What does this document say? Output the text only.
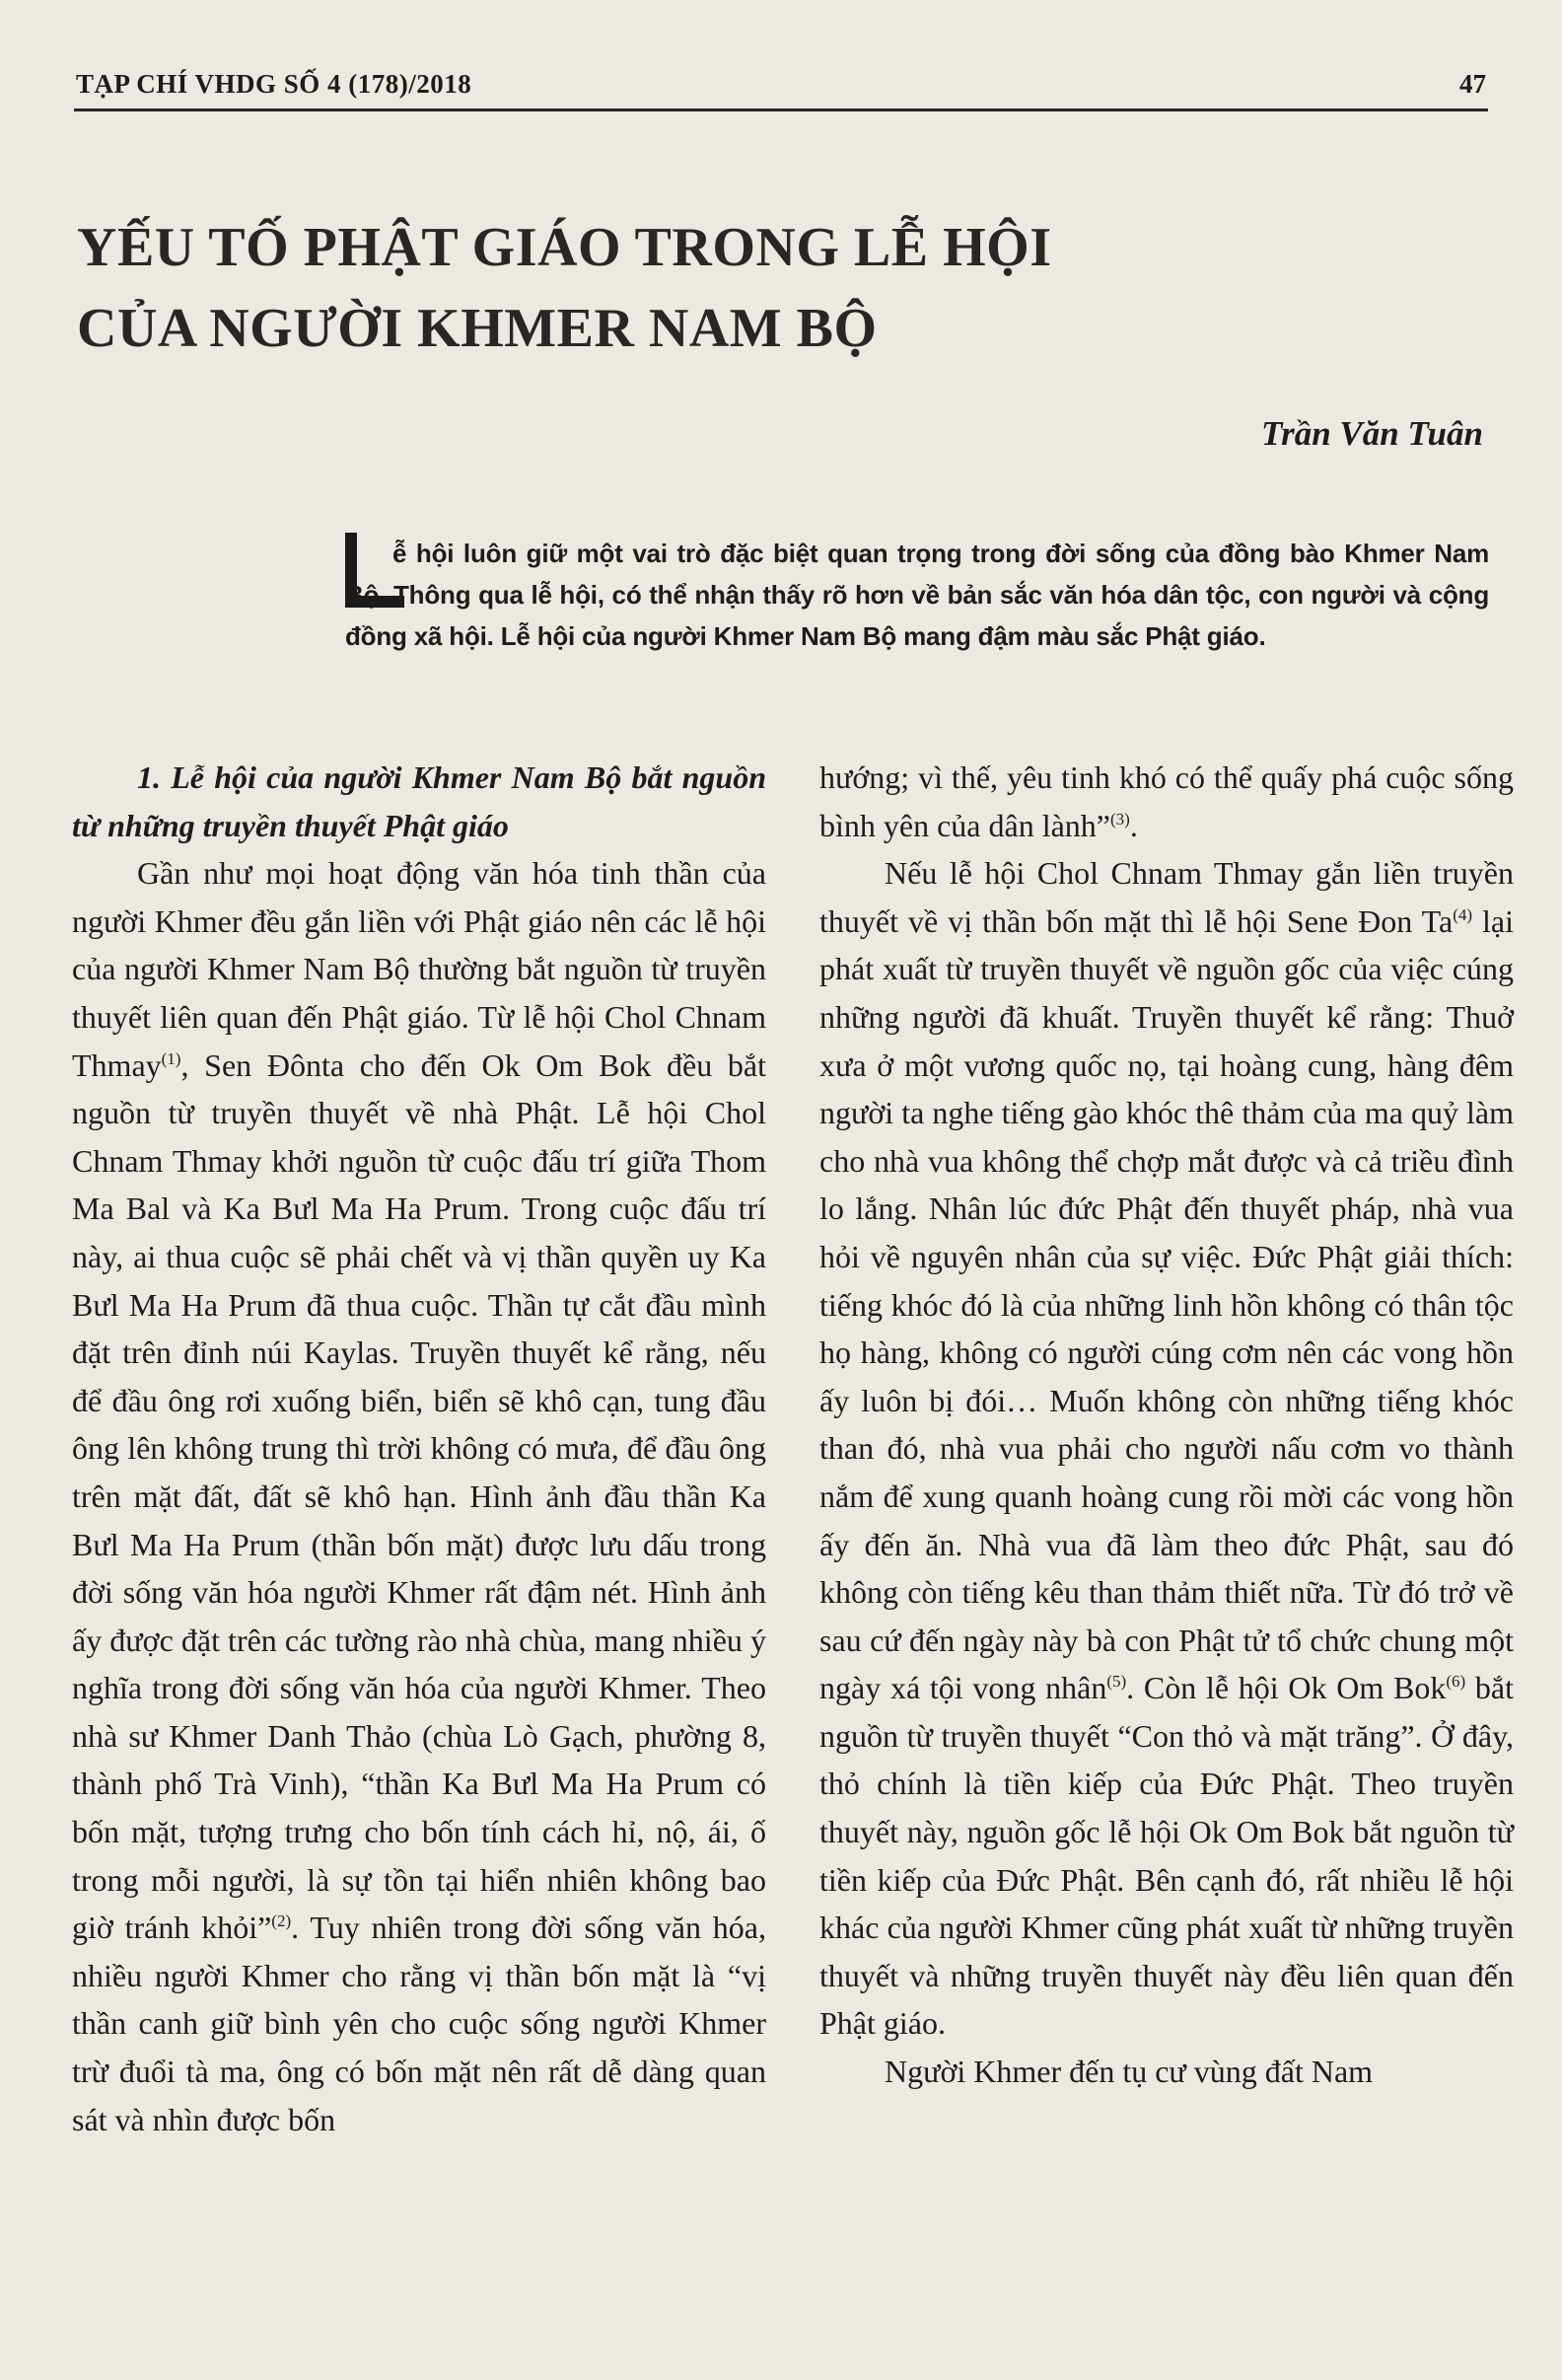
TẠP CHÍ VHDG SỐ 4 (178)/2018	47
YẾU TỐ PHẬT GIÁO TRONG LỄ HỘI
CỦA NGƯỜI KHMER NAM BỘ
Trần Văn Tuân

ễ hội luôn giữ một vai trò đặc biệt quan trọng trong đời sống của đồng bào Khmer Nam Bộ. Thông qua lễ hội, có thể nhận thấy rõ hơn về bản sắc văn hóa dân tộc, con người và cộng đồng xã hội. Lễ hội của người Khmer Nam Bộ mang đậm màu sắc Phật giáo.

1. Lễ hội của người Khmer Nam Bộ bắt nguồn từ những truyền thuyết Phật giáo

Gần như mọi hoạt động văn hóa tinh thần của người Khmer đều gắn liền với Phật giáo nên các lễ hội của người Khmer Nam Bộ thường bắt nguồn từ truyền thuyết liên quan đến Phật giáo. Từ lễ hội Chol Chnam Thmay$^{(1)}$, Sen Đônta cho đến Ok Om Bok đều bắt nguồn từ truyền thuyết về nhà Phật. Lễ hội Chol Chnam Thmay khởi nguồn từ cuộc đấu trí giữa Thom Ma Bal và Ka Bưl Ma Ha Prum. Trong cuộc đấu trí này, ai thua cuộc sẽ phải chết và vị thần quyền uy Ka Bưl Ma Ha Prum đã thua cuộc. Thần tự cắt đầu mình đặt trên đỉnh núi Kaylas. Truyền thuyết kể rằng, nếu để đầu ông rơi xuống biển, biển sẽ khô cạn, tung đầu ông lên không trung thì trời không có mưa, để đầu ông trên mặt đất, đất sẽ khô hạn. Hình ảnh đầu thần Ka Bưl Ma Ha Prum (thần bốn mặt) được lưu dấu trong đời sống văn hóa người Khmer rất đậm nét. Hình ảnh ấy được đặt trên các tường rào nhà chùa, mang nhiều ý nghĩa trong đời sống văn hóa của người Khmer. Theo nhà sư Khmer Danh Thảo (chùa Lò Gạch, phường 8, thành phố Trà Vinh), “thần Ka Bưl Ma Ha Prum có bốn mặt, tượng trưng cho bốn tính cách hỉ, nộ, ái, ố trong mỗi người, là sự tồn tại hiển nhiên không bao giờ tránh khỏi”$^{(2)}$. Tuy nhiên trong đời sống văn hóa, nhiều người Khmer cho rằng vị thần bốn mặt là “vị thần canh giữ bình yên cho cuộc sống người Khmer trừ đuổi tà ma, ông có bốn mặt nên rất dễ dàng quan sát và nhìn được bốn

hướng; vì thế, yêu tinh khó có thể quấy phá cuộc sống bình yên của dân lành”$^{(3)}$.

Nếu lễ hội Chol Chnam Thmay gắn liền truyền thuyết về vị thần bốn mặt thì lễ hội Sene Đon Ta$^{(4)}$ lại phát xuất từ truyền thuyết về nguồn gốc của việc cúng những người đã khuất. Truyền thuyết kể rằng: Thuở xưa ở một vương quốc nọ, tại hoàng cung, hàng đêm người ta nghe tiếng gào khóc thê thảm của ma quỷ làm cho nhà vua không thể chợp mắt được và cả triều đình lo lắng. Nhân lúc đức Phật đến thuyết pháp, nhà vua hỏi về nguyên nhân của sự việc. Đức Phật giải thích: tiếng khóc đó là của những linh hồn không có thân tộc họ hàng, không có người cúng cơm nên các vong hồn ấy luôn bị đói… Muốn không còn những tiếng khóc than đó, nhà vua phải cho người nấu cơm vo thành nắm để xung quanh hoàng cung rồi mời các vong hồn ấy đến ăn. Nhà vua đã làm theo đức Phật, sau đó không còn tiếng kêu than thảm thiết nữa. Từ đó trở về sau cứ đến ngày này bà con Phật tử tổ chức chung một ngày xá tội vong nhân$^{(5)}$. Còn lễ hội Ok Om Bok$^{(6)}$ bắt nguồn từ truyền thuyết “Con thỏ và mặt trăng”. Ở đây, thỏ chính là tiền kiếp của Đức Phật. Theo truyền thuyết này, nguồn gốc lễ hội Ok Om Bok bắt nguồn từ tiền kiếp của Đức Phật. Bên cạnh đó, rất nhiều lễ hội khác của người Khmer cũng phát xuất từ những truyền thuyết và những truyền thuyết này đều liên quan đến Phật giáo.

Người Khmer đến tụ cư vùng đất Nam
